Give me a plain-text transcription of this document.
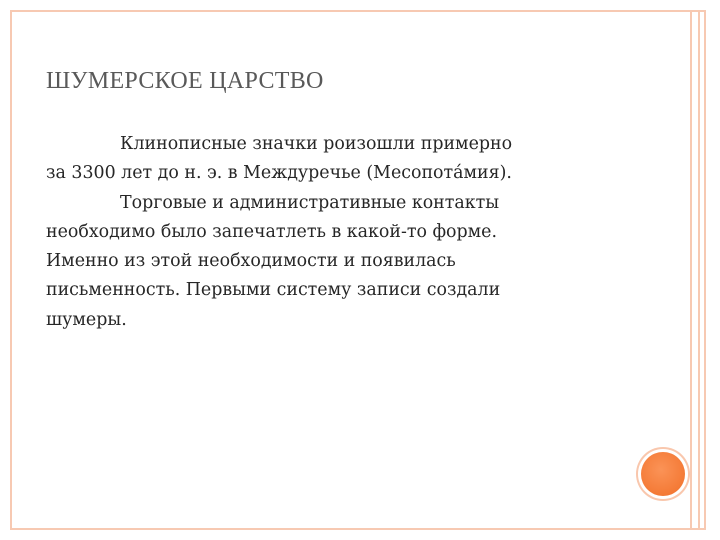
ШУМЕРСКОЕ ЦАРСТВО

Клинописные значки роизошли примерно

за 3300 лет до н. э. в Междуречье (Месопота́мия).

Торговые и административные контакты

необходимо было запечатлеть в какой-то форме.

Именно из этой необходимости и появилась

письменность. Первыми систему записи создали

шумеры.
